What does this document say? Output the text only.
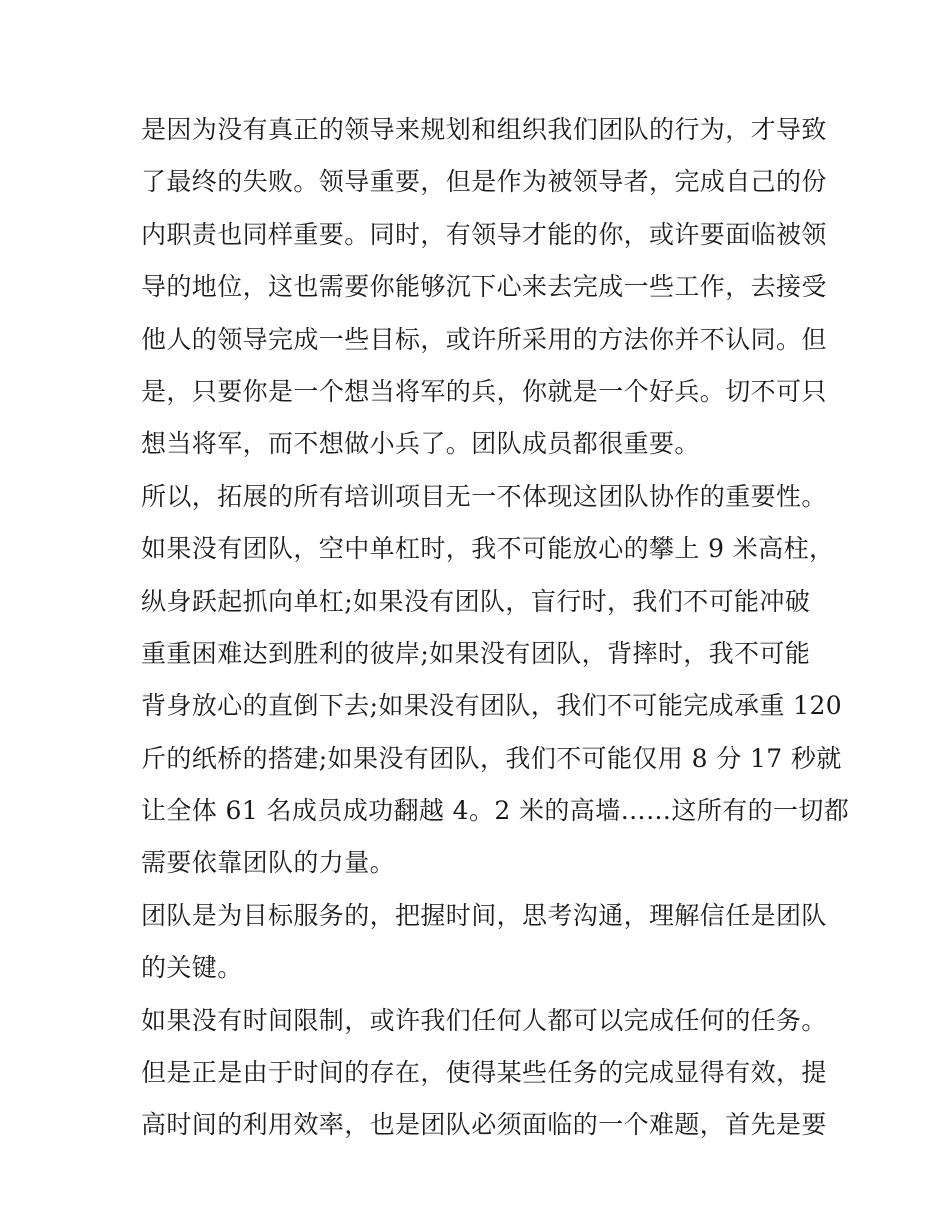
是因为没有真正的领导来规划和组织我们团队的行为，才导致
了最终的失败。领导重要，但是作为被领导者，完成自己的份
内职责也同样重要。同时，有领导才能的你，或许要面临被领
导的地位，这也需要你能够沉下心来去完成一些工作，去接受
他人的领导完成一些目标，或许所采用的方法你并不认同。但
是，只要你是一个想当将军的兵，你就是一个好兵。切不可只
想当将军，而不想做小兵了。团队成员都很重要。
所以，拓展的所有培训项目无一不体现这团队协作的重要性。
如果没有团队，空中单杠时，我不可能放心的攀上 9 米高柱，
纵身跃起抓向单杠;如果没有团队，盲行时，我们不可能冲破
重重困难达到胜利的彼岸;如果没有团队，背摔时，我不可能
背身放心的直倒下去;如果没有团队，我们不可能完成承重 120
斤的纸桥的搭建;如果没有团队，我们不可能仅用 8 分 17 秒就
让全体 61 名成员成功翻越 4。2 米的高墙……这所有的一切都
需要依靠团队的力量。
团队是为目标服务的，把握时间，思考沟通，理解信任是团队
的关键。
如果没有时间限制，或许我们任何人都可以完成任何的任务。
但是正是由于时间的存在，使得某些任务的完成显得有效，提
高时间的利用效率，也是团队必须面临的一个难题，首先是要
